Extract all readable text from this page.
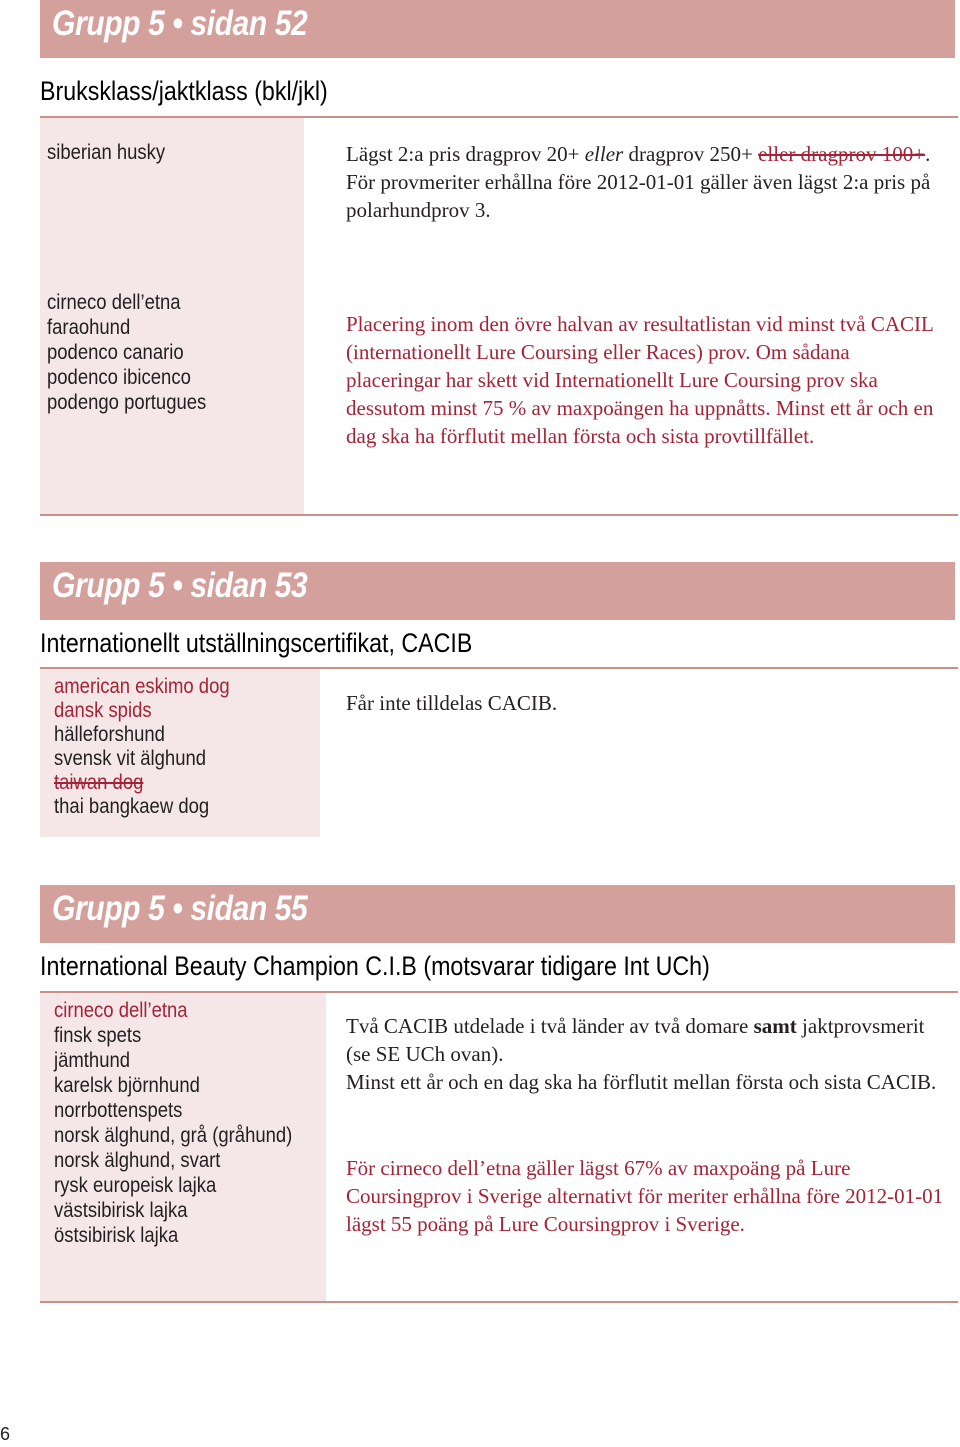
Grupp 5 • sidan 52
Bruksklass/jaktklass (bkl/jkl)
siberian husky	Lägst 2:a pris dragprov 20+ eller dragprov 250+ eller dragprov 100+.

För provmeriter erhållna före 2012-01-01 gäller även lägst 2:a pris på polarhundprov 3.

cirneco dell’etna
faraohund
podenco canario
podenco ibicenco
podengo portugues

Placering inom den övre halvan av resultatlistan vid minst två CACIL (internationellt Lure Coursing eller Races) prov. Om sådana placeringar har skett vid Internationellt Lure Coursing prov ska dessutom minst 75 % av maxpoängen ha uppnåtts. Minst ett år och en dag ska ha förflutit mellan första och sista provtillfället.

Grupp 5 • sidan 53
Internationellt utställningscertifikat, CACIB
american eskimo dog
dansk spids
hälleforshund
svensk vit älghund
taiwan dog
thai bangkaew dog

Får inte tilldelas CACIB.

Grupp 5 • sidan 55
International Beauty Champion C.I.B (motsvarar tidigare Int UCh)
cirneco dell’etna
finsk spets
jämthund
karelsk björnhund
norrbottenspets
norsk älghund, grå (gråhund)
norsk älghund, svart
rysk europeisk lajka
västsibirisk lajka
östsibirisk lajka

Två CACIB utdelade i två länder av två domare samt jaktprovsmerit (se SE UCh ovan).

Minst ett år och en dag ska ha förflutit mellan första och sista CACIB.

För cirneco dell’etna gäller lägst 67% av maxpoäng på Lure Coursingprov i Sverige alternativt för meriter erhållna före 2012-01-01 lägst 55 poäng på Lure Coursingprov i Sverige.

6
